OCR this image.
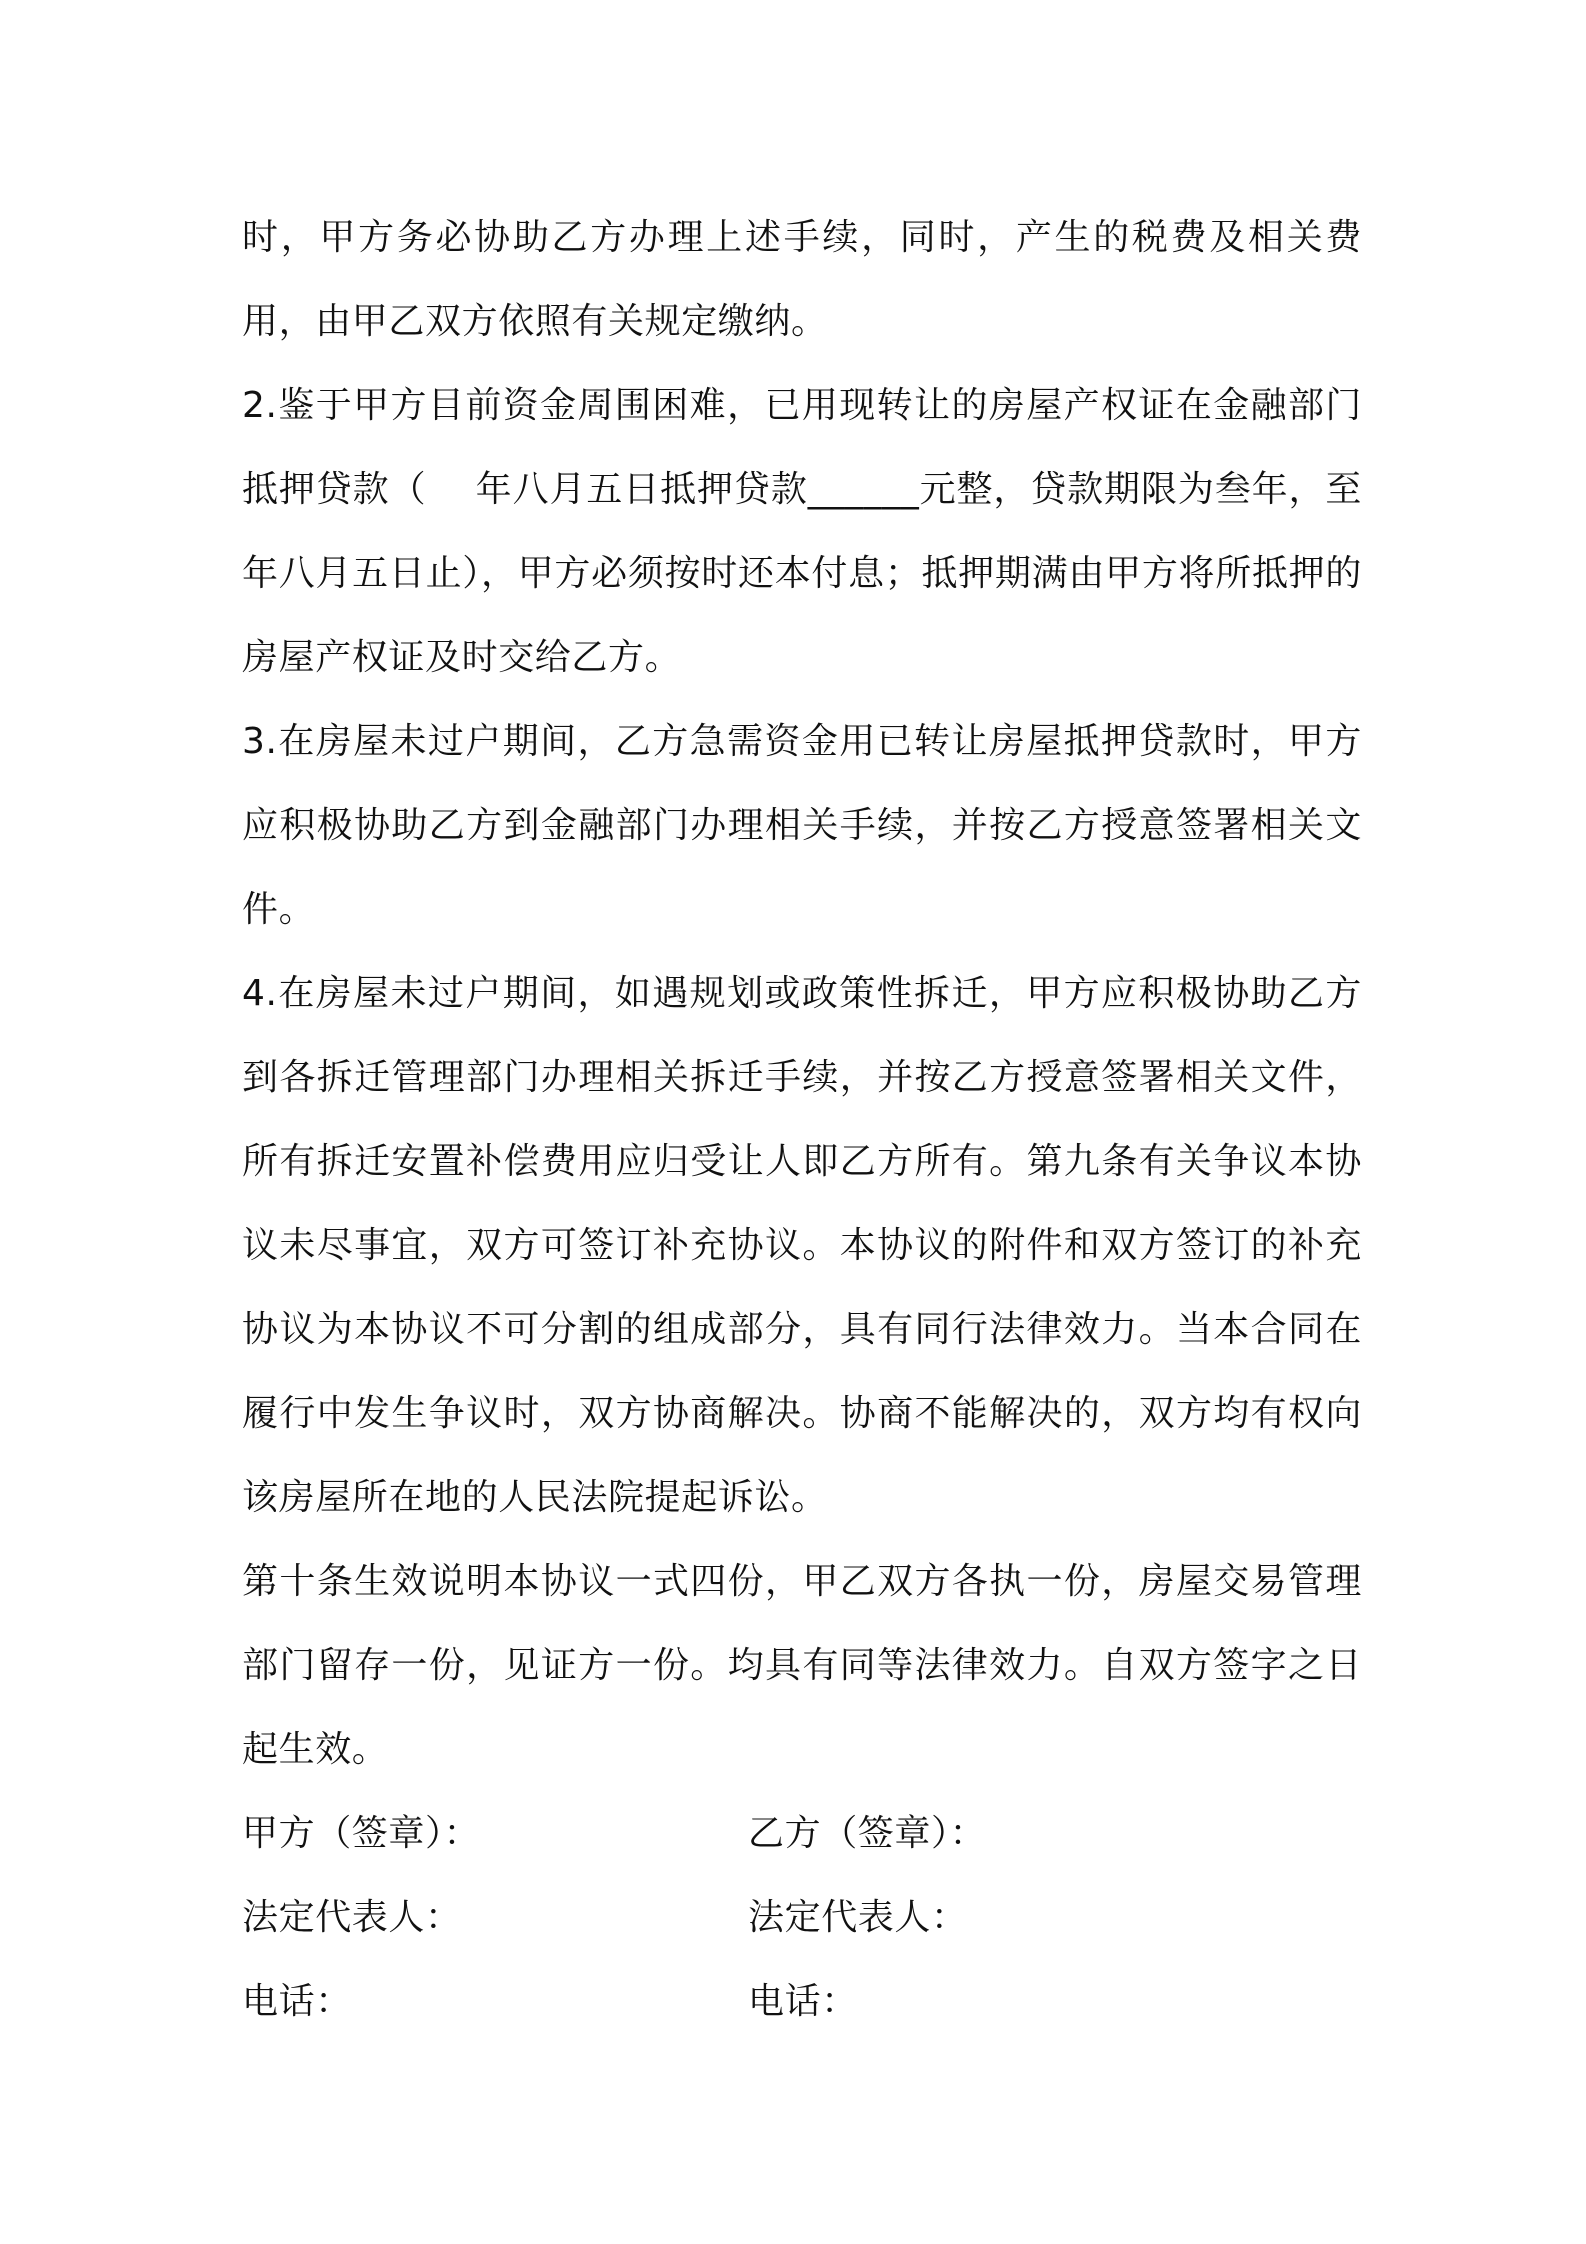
时，甲方务必协助乙方办理上述手续，同时，产生的税费及相关费用，由甲乙双方依照有关规定缴纳。

2.鉴于甲方目前资金周围困难，已用现转让的房屋产权证在金融部门抵押贷款（　 年八月五日抵押贷款______元整，贷款期限为叁年，至　 年八月五日止），甲方必须按时还本付息；抵押期满由甲方将所抵押的房屋产权证及时交给乙方。

3.在房屋未过户期间，乙方急需资金用已转让房屋抵押贷款时，甲方应积极协助乙方到金融部门办理相关手续，并按乙方授意签署相关文件。

4.在房屋未过户期间，如遇规划或政策性拆迁，甲方应积极协助乙方到各拆迁管理部门办理相关拆迁手续，并按乙方授意签署相关文件，所有拆迁安置补偿费用应归受让人即乙方所有。第九条有关争议本协议未尽事宜，双方可签订补充协议。本协议的附件和双方签订的补充协议为本协议不可分割的组成部分，具有同行法律效力。当本合同在履行中发生争议时，双方协商解决。协商不能解决的，双方均有权向该房屋所在地的人民法院提起诉讼。

第十条生效说明本协议一式四份，甲乙双方各执一份，房屋交易管理部门留存一份，见证方一份。均具有同等法律效力。自双方签字之日起生效。

甲方（签章）：	乙方（签章）：
法定代表人：	法定代表人：
电话：	电话：
